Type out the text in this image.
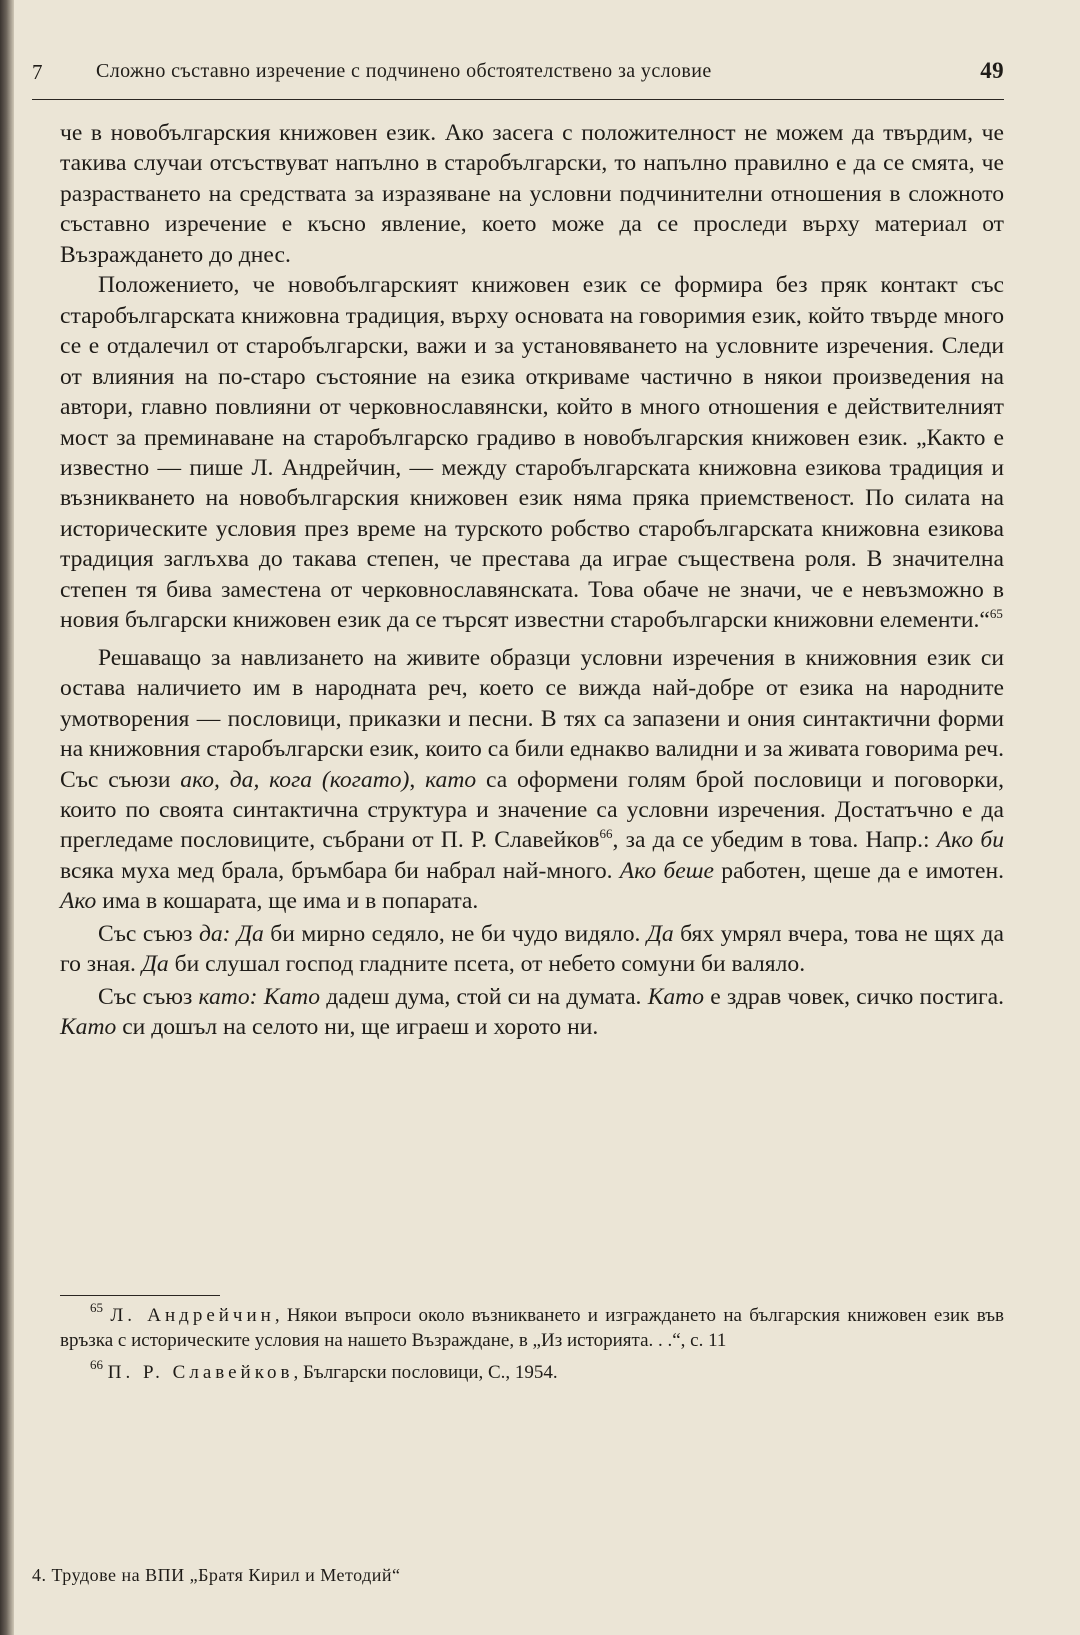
7	Сложно съставно изречение с подчинено обстоятелствено за условие	49

че в новобългарския книжовен език. Ако засега с положителност не можем да твърдим, че такива случаи отсъствуват напълно в старобългарски, то напълно правилно е да се смята, че разрастването на средствата за изразяване на условни подчинителни отношения в сложното съставно изречение е късно явление, което може да се проследи върху материал от Възраждането до днес.

Положението, че новобългарският книжовен език се формира без пряк контакт със старобългарската книжовна традиция, върху основата на говоримия език, който твърде много се е отдалечил от старобългарски, важи и за установяването на условните изречения. Следи от влияния на по-старо състояние на езика откриваме частично в някои произведения на автори, главно повлияни от черковнославянски, който в много отношения е действителният мост за преминаване на старобългарско градиво в новобългарския книжовен език. „Както е известно — пише Л. Андрейчин, — между старобългарската книжовна езикова традиция и възникването на новобългарския книжовен език няма пряка приемственост. По силата на историческите условия през време на турското робство старобългарската книжовна езикова традиция заглъхва до такава степен, че престава да играе съществена роля. В значителна степен тя бива заместена от черковнославянската. Това обаче не значи, че е невъзможно в новия български книжовен език да се търсят известни старобългарски книжовни елементи.“$^{65}$

Решаващо за навлизането на живите образци условни изречения в книжовния език си остава наличието им в народната реч, което се вижда най-добре от езика на народните умотворения — пословици, приказки и песни. В тях са запазени и ония синтактични форми на книжовния старобългарски език, които са били еднакво валидни и за живата говорима реч. Със съюзи ако, да, кога (когато), като са оформени голям брой пословици и поговорки, които по своята синтактична структура и значение са условни изречения. Достатъчно е да прегледаме пословиците, събрани от П. Р. Славейков$^{66}$, за да се убедим в това. Напр.: Ако би всяка муха мед брала, бръмбара би набрал най-много. Ако беше работен, щеше да е имотен. Ако има в кошарата, ще има и в попарата.

Със съюз да: Да би мирно седяло, не би чудо видяло. Да бях умрял вчера, това не щях да го зная. Да би слушал господ гладните псета, от небето сомуни би валяло.

Със съюз като: Като дадеш дума, стой си на думата. Като е здрав човек, сичко постига. Като си дошъл на селото ни, ще играеш и хорото ни.

$^{65}$ Л. Андрейчин, Някои въпроси около възникването и изграждането на българския книжовен език във връзка с историческите условия на нашето Възраждане, в „Из историята. . .“, с. 11

$^{66}$ П. Р. Славейков, Български пословици, С., 1954.

4. Трудове на ВПИ „Братя Кирил и Методий“
